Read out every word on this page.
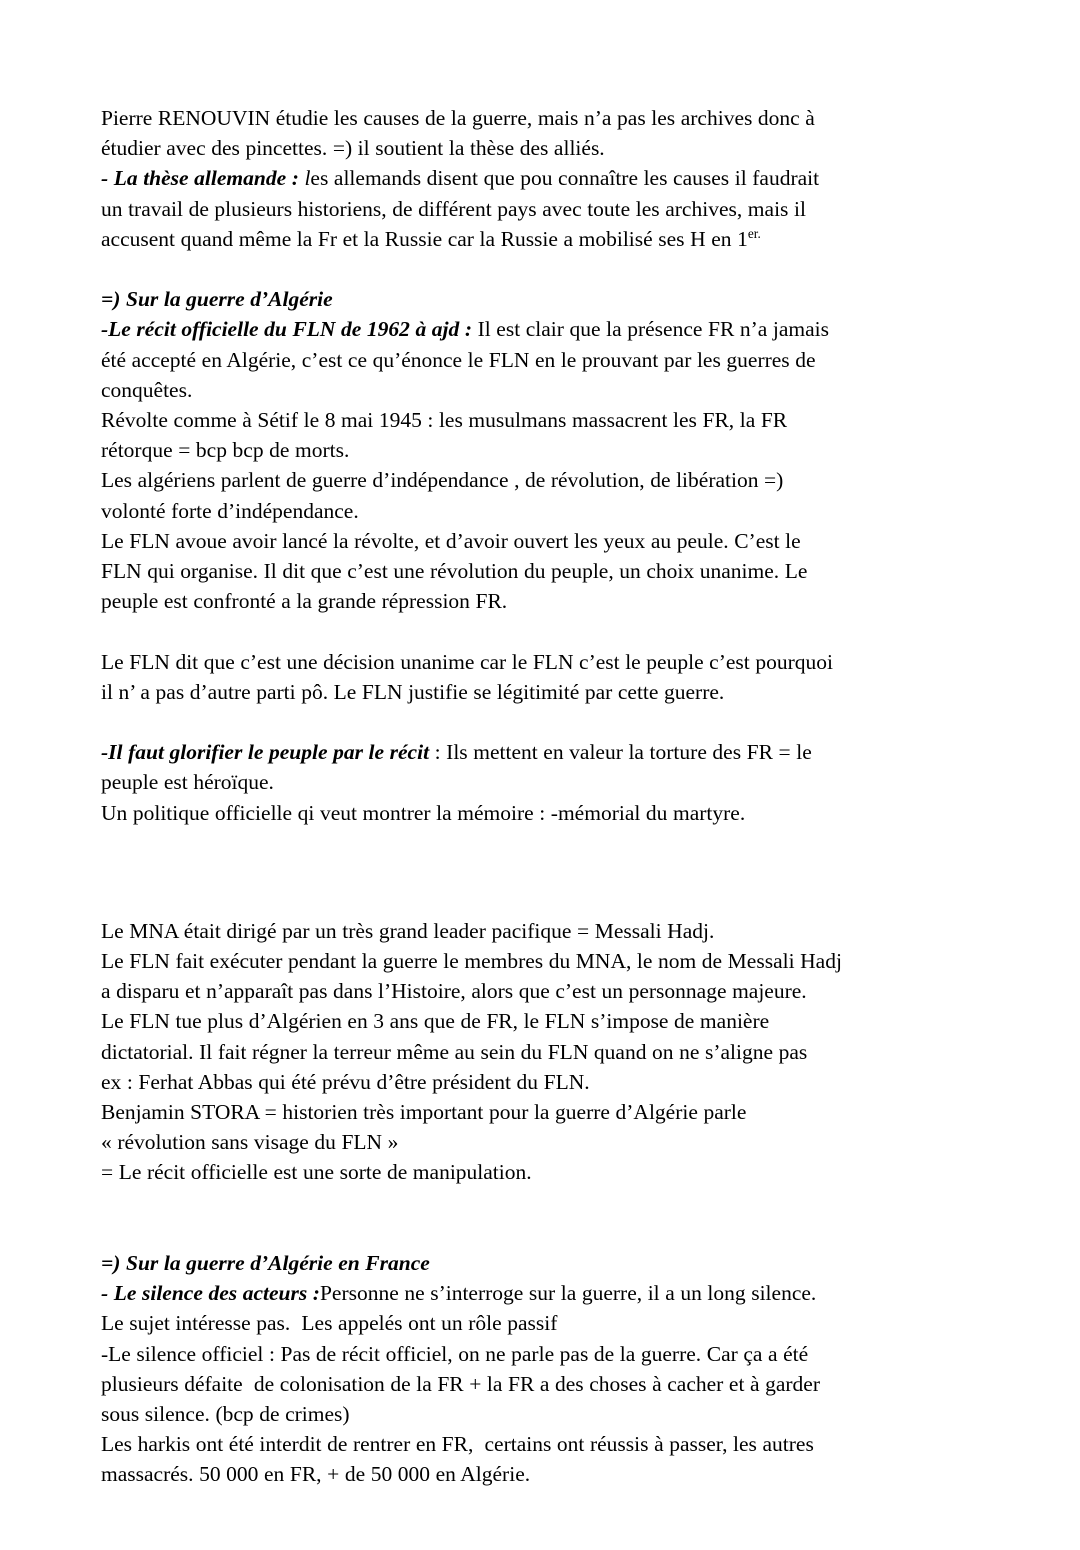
Pierre RENOUVIN étudie les causes de la guerre, mais n’a pas les archives donc à
étudier avec des pincettes. =) il soutient la thèse des alliés.
- La thèse allemande : les allemands disent que pou connaître les causes il faudrait
un travail de plusieurs historiens, de différent pays avec toute les archives, mais il
accusent quand même la Fr et la Russie car la Russie a mobilisé ses H en $1^{er.}$
=) Sur la guerre d’Algérie
-Le récit officielle du FLN de 1962 à ajd : Il est clair que la présence FR n’a jamais
été accepté en Algérie, c’est ce qu’énonce le FLN en le prouvant par les guerres de
conquêtes.
Révolte comme à Sétif le 8 mai 1945 : les musulmans massacrent les FR, la FR
rétorque = bcp bcp de morts.
Les algériens parlent de guerre d’indépendance , de révolution, de libération =)
volonté forte d’indépendance.
Le FLN avoue avoir lancé la révolte, et d’avoir ouvert les yeux au peule. C’est le
FLN qui organise. Il dit que c’est une révolution du peuple, un choix unanime. Le
peuple est confronté a la grande répression FR.
Le FLN dit que c’est une décision unanime car le FLN c’est le peuple c’est pourquoi
il n’ a pas d’autre parti pô. Le FLN justifie se légitimité par cette guerre.
-Il faut glorifier le peuple par le récit : Ils mettent en valeur la torture des FR = le
peuple est héroïque.
Un politique officielle qi veut montrer la mémoire : -mémorial du martyre.
Le MNA était dirigé par un très grand leader pacifique = Messali Hadj.
Le FLN fait exécuter pendant la guerre le membres du MNA, le nom de Messali Hadj
a disparu et n’apparaît pas dans l’Histoire, alors que c’est un personnage majeure.
Le FLN tue plus d’Algérien en 3 ans que de FR, le FLN s’impose de manière
dictatorial. Il fait régner la terreur même au sein du FLN quand on ne s’aligne pas
ex : Ferhat Abbas qui été prévu d’être président du FLN.
Benjamin STORA = historien très important pour la guerre d’Algérie parle
« révolution sans visage du FLN »
= Le récit officielle est une sorte de manipulation.
=) Sur la guerre d’Algérie en France
- Le silence des acteurs :Personne ne s’interroge sur la guerre, il a un long silence.
Le sujet intéresse pas.  Les appelés ont un rôle passif
-Le silence officiel : Pas de récit officiel, on ne parle pas de la guerre. Car ça a été
plusieurs défaite  de colonisation de la FR + la FR a des choses à cacher et à garder
sous silence. (bcp de crimes)
Les harkis ont été interdit de rentrer en FR,  certains ont réussis à passer, les autres
massacrés. 50 000 en FR, + de 50 000 en Algérie.
